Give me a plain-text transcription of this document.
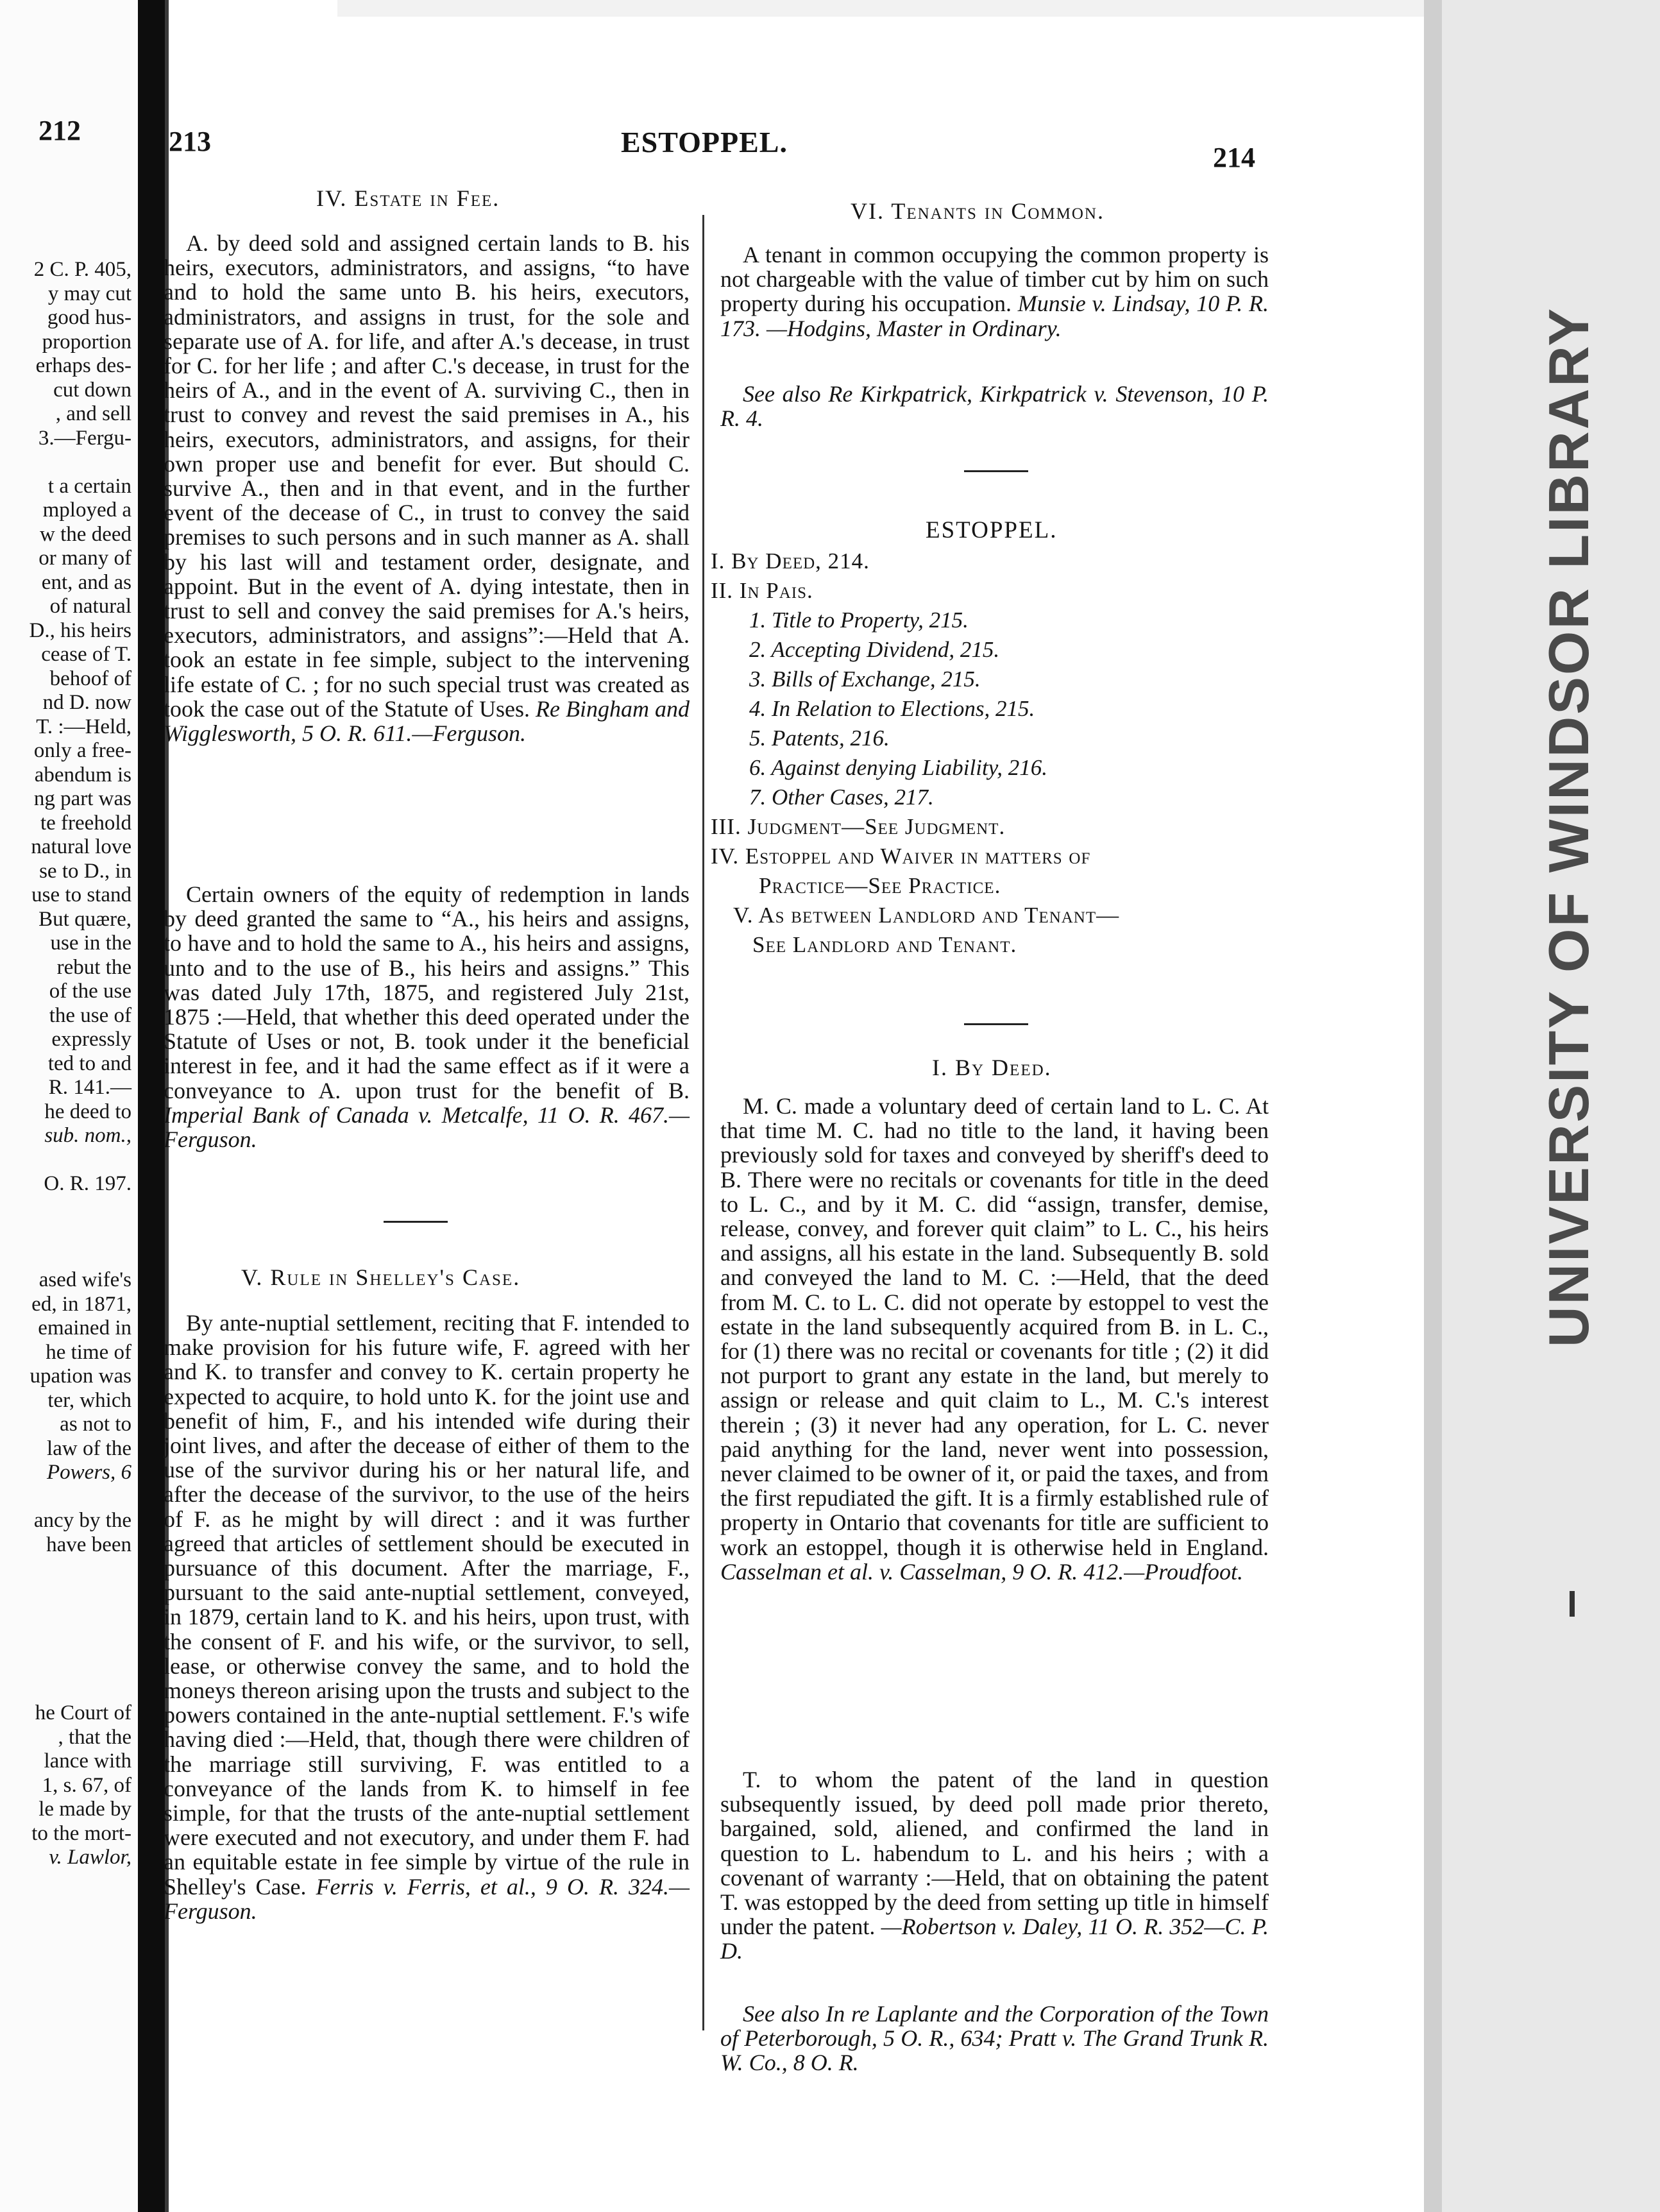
212
2 C. P. 405,
y may cut
good hus-
proportion
erhaps des-
cut down
, and sell
3.—Fergu-
t a certain
mployed a
w the deed
or many of
ent, and as
of natural
D., his heirs
cease of T.
behoof of
nd D. now
T. :—Held,
only a free-
abendum is
ng part was
te freehold
natural love
se to D., in
use to stand
But quære,
use in the
rebut the
of the use
the use of
expressly
ted to and
R. 141.—
he deed to
sub. nom.,
O. R. 197.
ased wife's
ed, in 1871,
emained in
he time of
upation was
ter, which
as not to
law of the
Powers, 6
ancy by the
have been
he Court of
, that the
lance with
1, s. 67, of
le made by
to the mort-
v. Lawlor,
213	ESTOPPEL.	214
IV. Estate in Fee.
A. by deed sold and assigned certain lands to B. his heirs, executors, administrators, and assigns, “to have and to hold the same unto B. his heirs, executors, administrators, and assigns in trust, for the sole and separate use of A. for life, and after A.'s decease, in trust for C. for her life ; and after C.'s decease, in trust for the heirs of A., and in the event of A. surviving C., then in trust to convey and revest the said premises in A., his heirs, executors, administrators, and assigns, for their own proper use and benefit for ever. But should C. survive A., then and in that event, and in the further event of the decease of C., in trust to convey the said premises to such persons and in such manner as A. shall by his last will and testament order, designate, and appoint. But in the event of A. dying intestate, then in trust to sell and convey the said premises for A.'s heirs, executors, administrators, and assigns”:—Held that A. took an estate in fee simple, subject to the intervening life estate of C. ; for no such special trust was created as took the case out of the Statute of Uses. Re Bingham and Wigglesworth, 5 O. R. 611.—Ferguson.
Certain owners of the equity of redemption in lands by deed granted the same to “A., his heirs and assigns, to have and to hold the same to A., his heirs and assigns, unto and to the use of B., his heirs and assigns.” This was dated July 17th, 1875, and registered July 21st, 1875 :—Held, that whether this deed operated under the Statute of Uses or not, B. took under it the beneficial interest in fee, and it had the same effect as if it were a conveyance to A. upon trust for the benefit of B. Imperial Bank of Canada v. Metcalfe, 11 O. R. 467.—Ferguson.
V. Rule in Shelley's Case.
By ante-nuptial settlement, reciting that F. intended to make provision for his future wife, F. agreed with her and K. to transfer and convey to K. certain property he expected to acquire, to hold unto K. for the joint use and benefit of him, F., and his intended wife during their joint lives, and after the decease of either of them to the use of the survivor during his or her natural life, and after the decease of the survivor, to the use of the heirs of F. as he might by will direct : and it was further agreed that articles of settlement should be executed in pursuance of this document. After the marriage, F., pursuant to the said ante-nuptial settlement, conveyed, in 1879, certain land to K. and his heirs, upon trust, with the consent of F. and his wife, or the survivor, to sell, lease, or otherwise convey the same, and to hold the moneys thereon arising upon the trusts and subject to the powers contained in the ante-nuptial settlement. F.'s wife having died :—Held, that, though there were children of the marriage still surviving, F. was entitled to a conveyance of the lands from K. to himself in fee simple, for that the trusts of the ante-nuptial settlement were executed and not executory, and under them F. had an equitable estate in fee simple by virtue of the rule in Shelley's Case. Ferris v. Ferris, et al., 9 O. R. 324.—Ferguson.
VI. Tenants in Common.
A tenant in common occupying the common property is not chargeable with the value of timber cut by him on such property during his occupation. Munsie v. Lindsay, 10 P. R. 173. —Hodgins, Master in Ordinary.
See also Re Kirkpatrick, Kirkpatrick v. Stevenson, 10 P. R. 4.
ESTOPPEL.
I. By Deed, 214.
II. In Pais.
1. Title to Property, 215.
2. Accepting Dividend, 215.
3. Bills of Exchange, 215.
4. In Relation to Elections, 215.
5. Patents, 216.
6. Against denying Liability, 216.
7. Other Cases, 217.
III. Judgment—See Judgment.
IV. Estoppel and Waiver in matters of
Practice—See Practice.
V. As between Landlord and Tenant—
See Landlord and Tenant.
I. By Deed.
M. C. made a voluntary deed of certain land to L. C. At that time M. C. had no title to the land, it having been previously sold for taxes and conveyed by sheriff's deed to B. There were no recitals or covenants for title in the deed to L. C., and by it M. C. did “assign, transfer, demise, release, convey, and forever quit claim” to L. C., his heirs and assigns, all his estate in the land. Subsequently B. sold and conveyed the land to M. C. :—Held, that the deed from M. C. to L. C. did not operate by estoppel to vest the estate in the land subsequently acquired from B. in L. C., for (1) there was no recital or covenants for title ; (2) it did not purport to grant any estate in the land, but merely to assign or release and quit claim to L., M. C.'s interest therein ; (3) it never had any operation, for L. C. never paid anything for the land, never went into possession, never claimed to be owner of it, or paid the taxes, and from the first repudiated the gift. It is a firmly established rule of property in Ontario that covenants for title are sufficient to work an estoppel, though it is otherwise held in England. Casselman et al. v. Casselman, 9 O. R. 412.—Proudfoot.
T. to whom the patent of the land in question subsequently issued, by deed poll made prior thereto, bargained, sold, aliened, and confirmed the land in question to L. habendum to L. and his heirs ; with a covenant of warranty :—Held, that on obtaining the patent T. was estopped by the deed from setting up title in himself under the patent. —Robertson v. Daley, 11 O. R. 352—C. P. D.
See also In re Laplante and the Corporation of the Town of Peterborough, 5 O. R., 634; Pratt v. The Grand Trunk R. W. Co., 8 O. R.
